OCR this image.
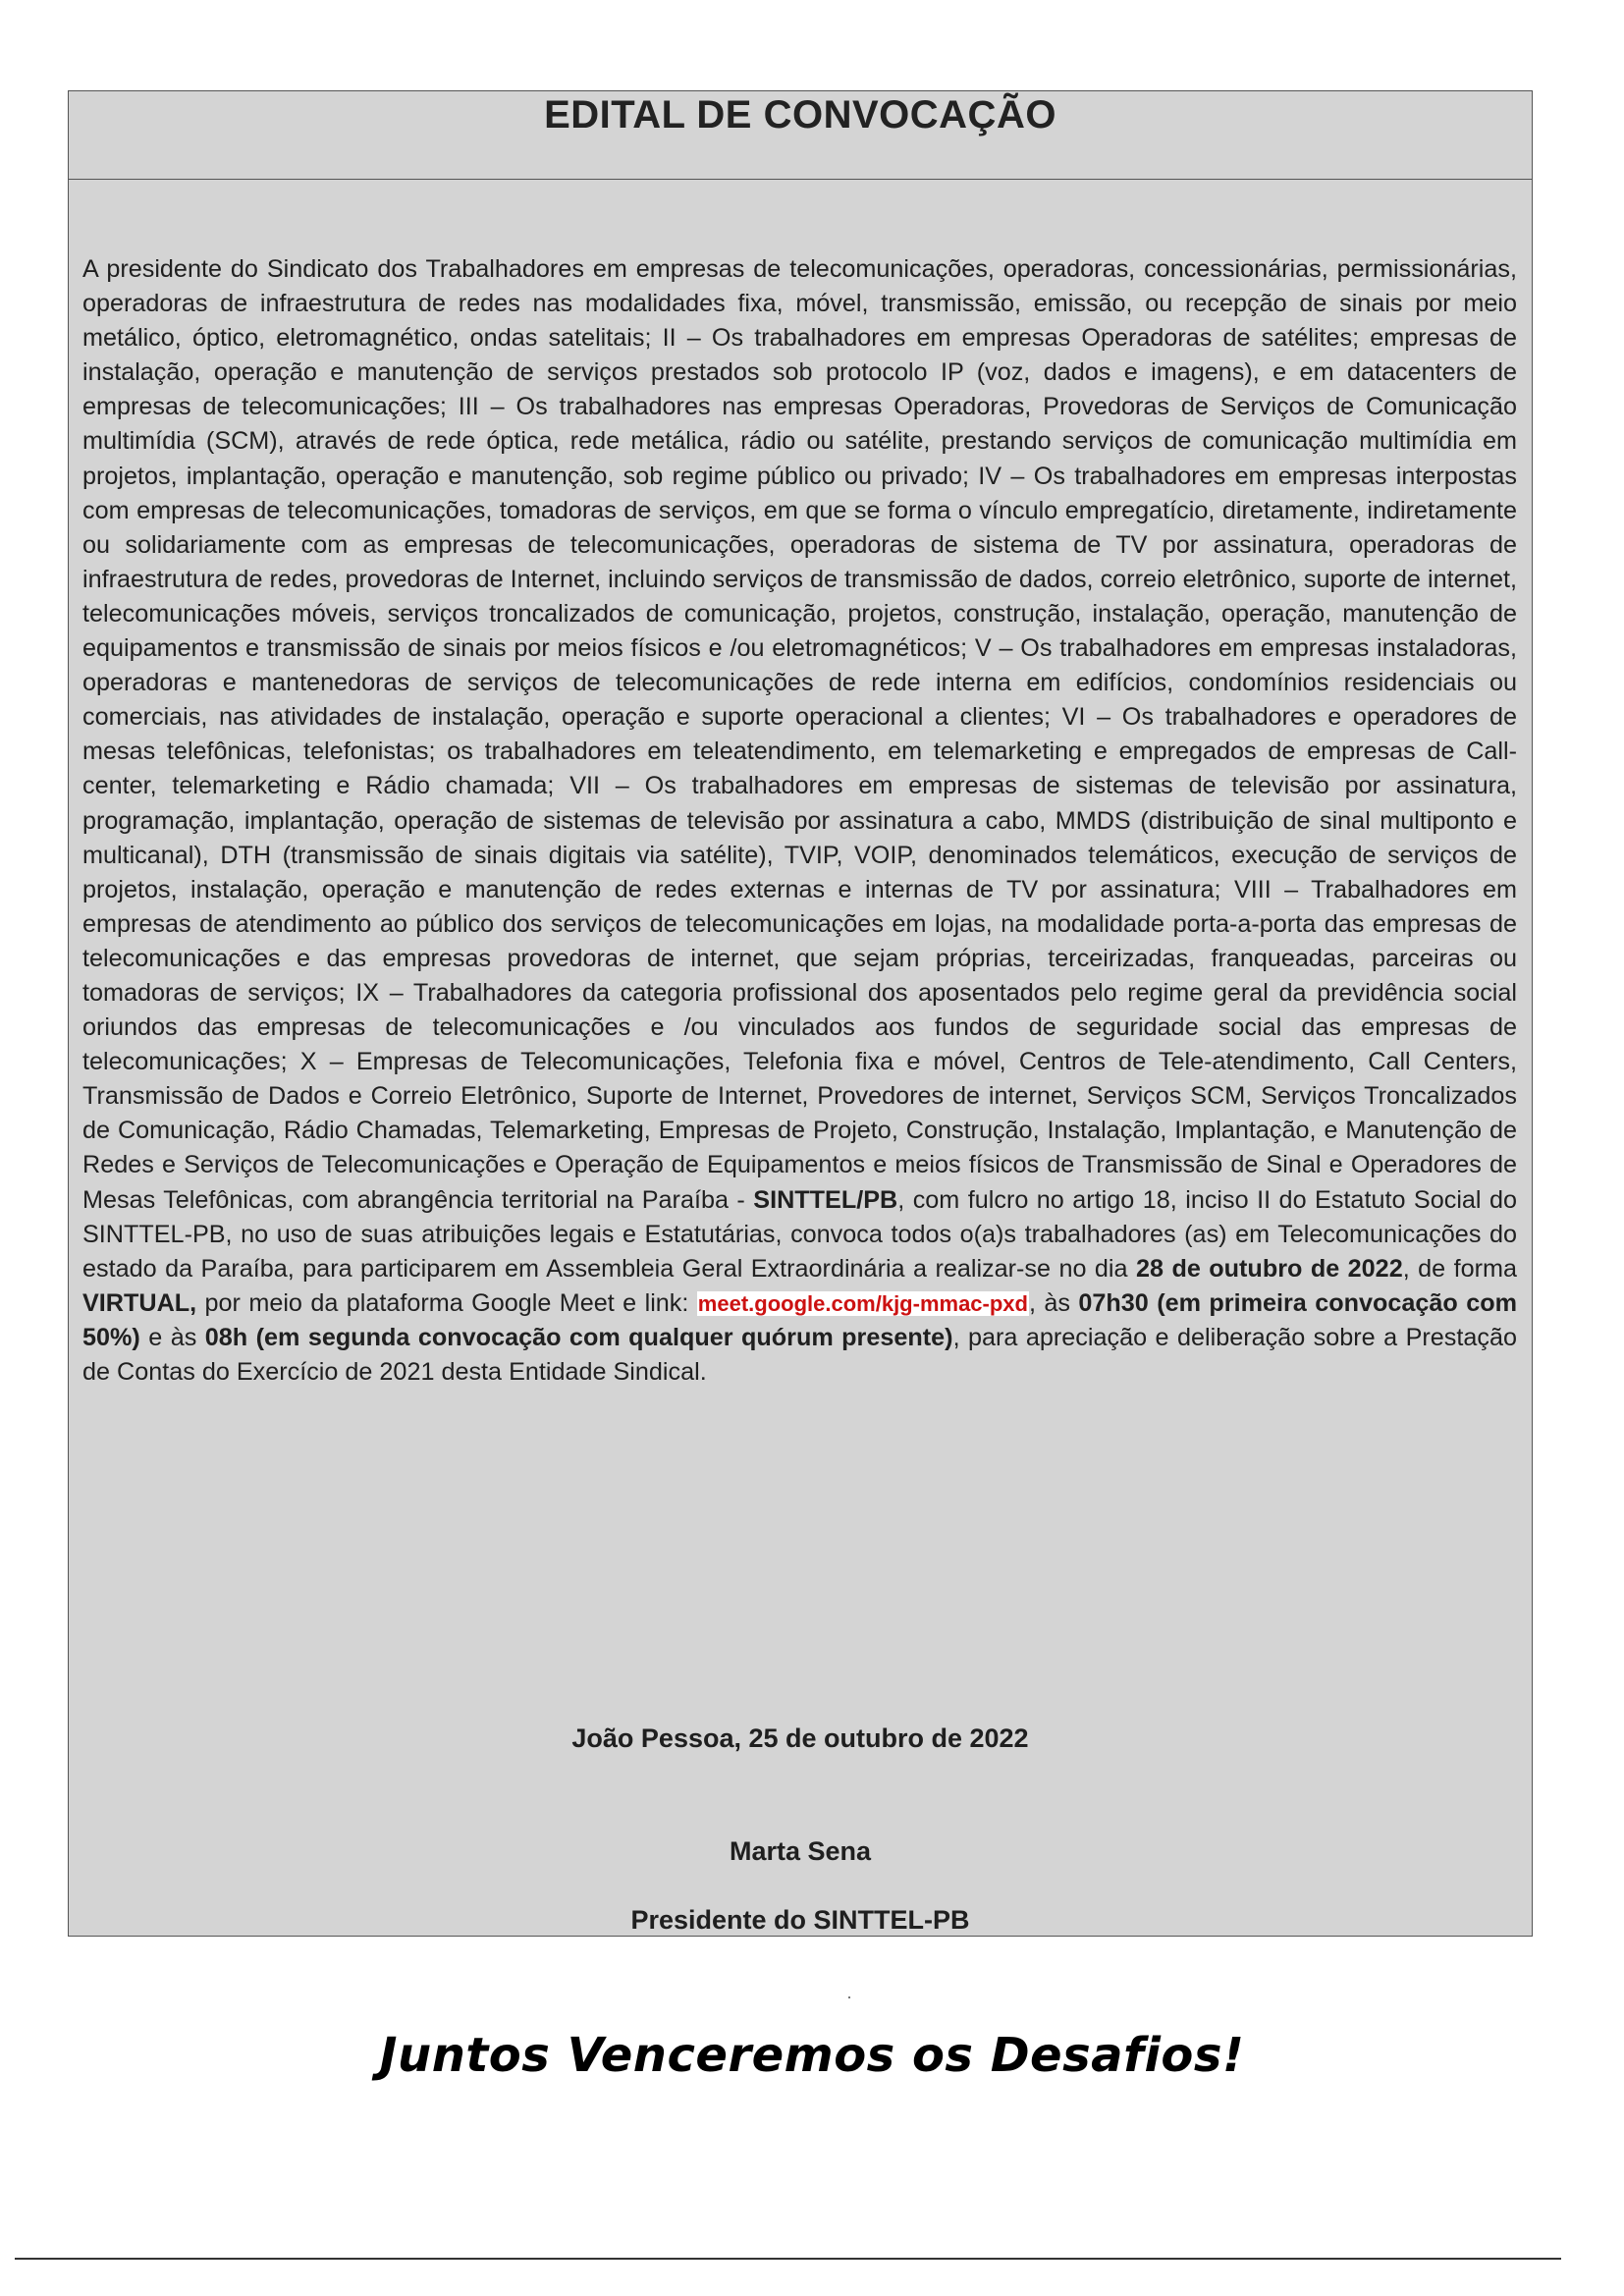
EDITAL DE CONVOCAÇÃO

A presidente do Sindicato dos Trabalhadores em empresas de telecomunicações, operadoras, concessionárias, permissionárias, operadoras de infraestrutura de redes nas modalidades fixa, móvel, transmissão, emissão, ou recepção de sinais por meio metálico, óptico, eletromagnético, ondas satelitais; II – Os trabalhadores em empresas Operadoras de satélites; empresas de instalação, operação e manutenção de serviços prestados sob protocolo IP (voz, dados e imagens), e em datacenters de empresas de telecomunicações; III – Os trabalhadores nas empresas Operadoras, Provedoras de Serviços de Comunicação multimídia (SCM), através de rede óptica, rede metálica, rádio ou satélite, prestando serviços de comunicação multimídia em projetos, implantação, operação e manutenção, sob regime público ou privado; IV – Os trabalhadores em empresas interpostas com empresas de telecomunicações, tomadoras de serviços, em que se forma o vínculo empregatício, diretamente, indiretamente ou solidariamente com as empresas de telecomunicações, operadoras de sistema de TV por assinatura, operadoras de infraestrutura de redes, provedoras de Internet, incluindo serviços de transmissão de dados, correio eletrônico, suporte de internet, telecomunicações móveis, serviços troncalizados de comunicação, projetos, construção, instalação, operação, manutenção de equipamentos e transmissão de sinais por meios físicos e /ou eletromagnéticos; V – Os trabalhadores em empresas instaladoras, operadoras e mantenedoras de serviços de telecomunicações de rede interna em edifícios, condomínios residenciais ou comerciais, nas atividades de instalação, operação e suporte operacional a clientes; VI – Os trabalhadores e operadores de mesas telefônicas, telefonistas; os trabalhadores em teleatendimento, em telemarketing e empregados de empresas de Call-center, telemarketing e Rádio chamada; VII – Os trabalhadores em empresas de sistemas de televisão por assinatura, programação, implantação, operação de sistemas de televisão por assinatura a cabo, MMDS (distribuição de sinal multiponto e multicanal), DTH (transmissão de sinais digitais via satélite), TVIP, VOIP, denominados telemáticos, execução de serviços de projetos, instalação, operação e manutenção de redes externas e internas de TV por assinatura; VIII – Trabalhadores em empresas de atendimento ao público dos serviços de telecomunicações em lojas, na modalidade porta-a-porta das empresas de telecomunicações e das empresas provedoras de internet, que sejam próprias, terceirizadas, franqueadas, parceiras ou tomadoras de serviços; IX – Trabalhadores da categoria profissional dos aposentados pelo regime geral da previdência social oriundos das empresas de telecomunicações e /ou vinculados aos fundos de seguridade social das empresas de telecomunicações; X – Empresas de Telecomunicações, Telefonia fixa e móvel, Centros de Tele-atendimento, Call Centers, Transmissão de Dados e Correio Eletrônico, Suporte de Internet, Provedores de internet, Serviços SCM, Serviços Troncalizados de Comunicação, Rádio Chamadas, Telemarketing, Empresas de Projeto, Construção, Instalação, Implantação, e Manutenção de Redes e Serviços de Telecomunicações e Operação de Equipamentos e meios físicos de Transmissão de Sinal e Operadores de Mesas Telefônicas, com abrangência territorial na Paraíba - SINTTEL/PB, com fulcro no artigo 18, inciso II do Estatuto Social do SINTTEL-PB, no uso de suas atribuições legais e Estatutárias, convoca todos o(a)s trabalhadores (as) em Telecomunicações do estado da Paraíba, para participarem em Assembleia Geral Extraordinária a realizar-se no dia 28 de outubro de 2022, de forma VIRTUAL, por meio da plataforma Google Meet e link: meet.google.com/kjg-mmac-pxd, às 07h30 (em primeira convocação com 50%) e às 08h (em segunda convocação com qualquer quórum presente), para apreciação e deliberação sobre a Prestação de Contas do Exercício de 2021 desta Entidade Sindical.

João Pessoa, 25 de outubro de 2022

Marta Sena

Presidente do SINTTEL-PB

Juntos Venceremos os Desafios!
